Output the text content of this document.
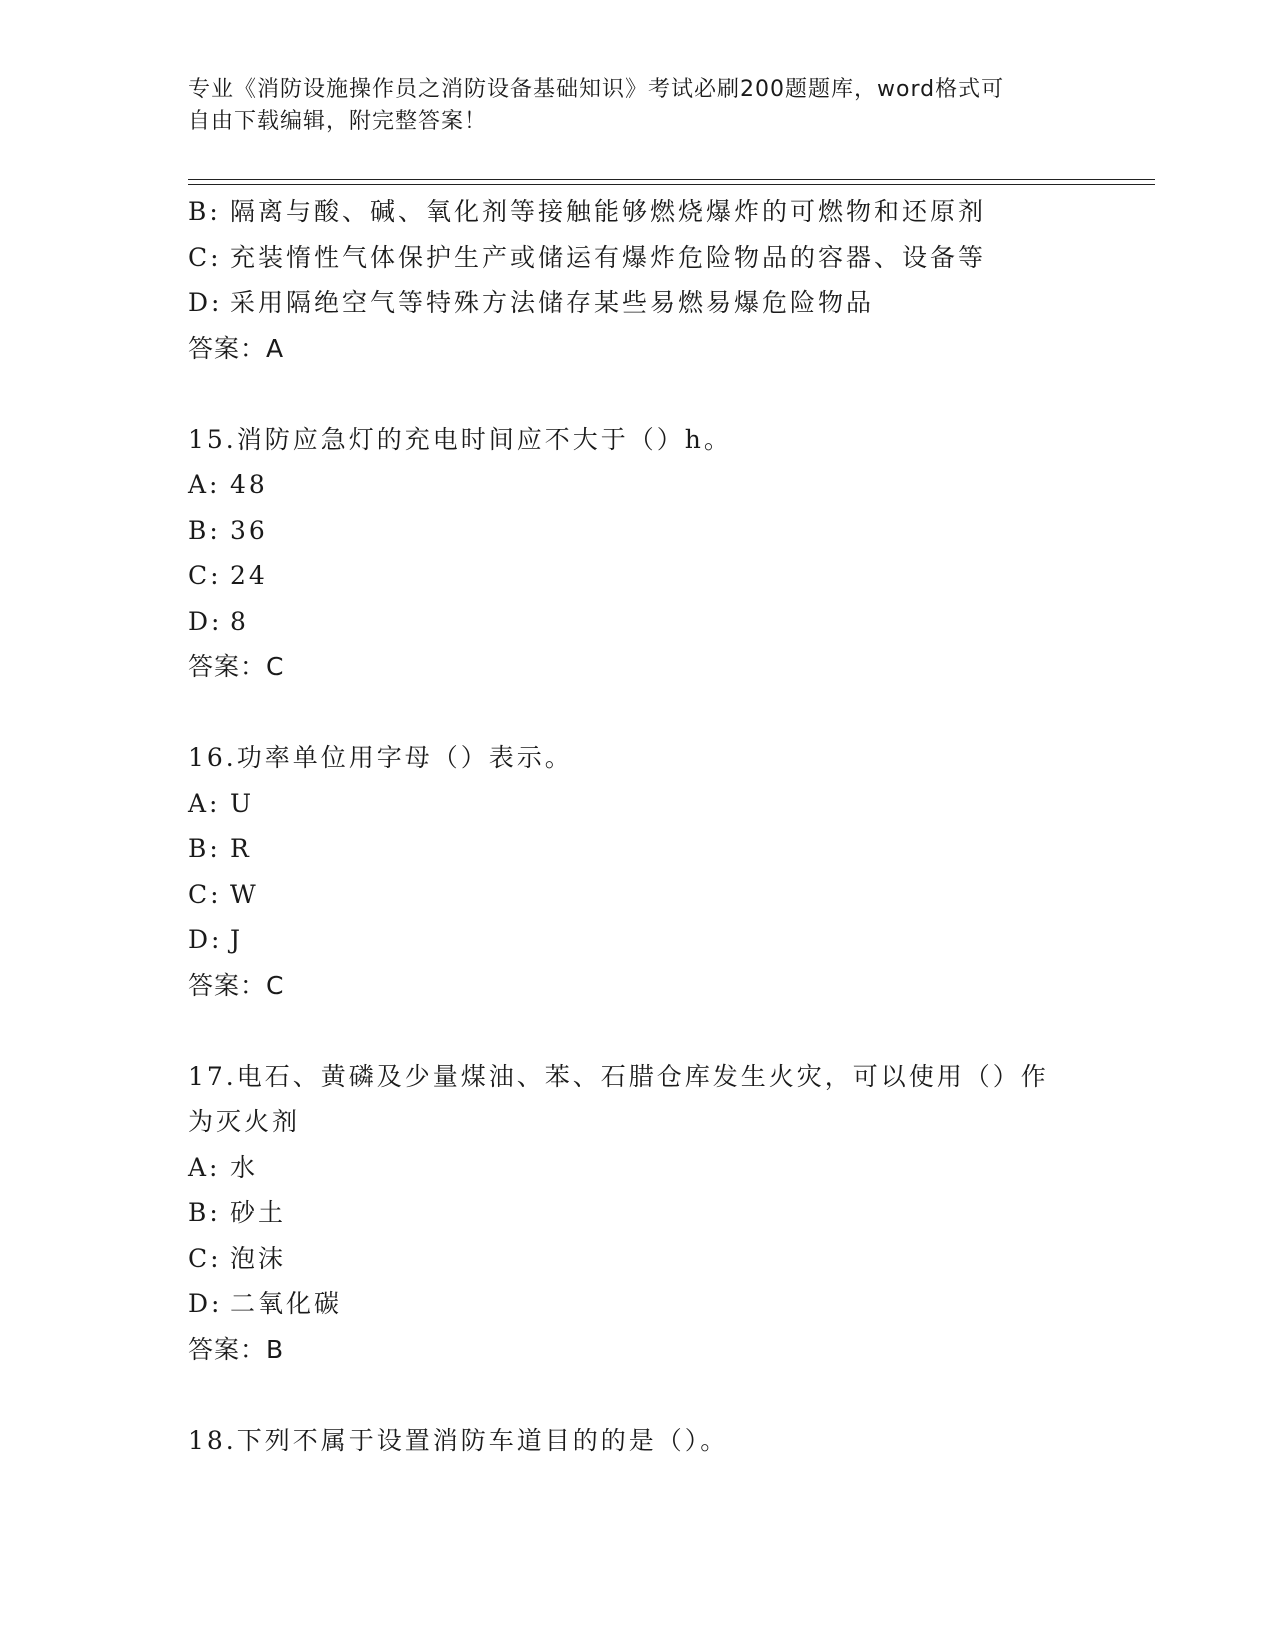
专业《消防设施操作员之消防设备基础知识》考试必刷200题题库，word格式可
自由下载编辑，附完整答案！
B: 隔离与酸、碱、氧化剂等接触能够燃烧爆炸的可燃物和还原剂
C: 充装惰性气体保护生产或储运有爆炸危险物品的容器、设备等
D: 采用隔绝空气等特殊方法储存某些易燃易爆危险物品
答案：A
15.消防应急灯的充电时间应不大于（）h。
A: 48
B: 36
C: 24
D: 8
答案：C
16.功率单位用字母（）表示。
A: U
B: R
C: W
D: J
答案：C
17.电石、黄磷及少量煤油、苯、石腊仓库发生火灾，可以使用（）作
为灭火剂
A: 水
B: 砂土
C: 泡沫
D: 二氧化碳
答案：B
18.下列不属于设置消防车道目的的是（）。
